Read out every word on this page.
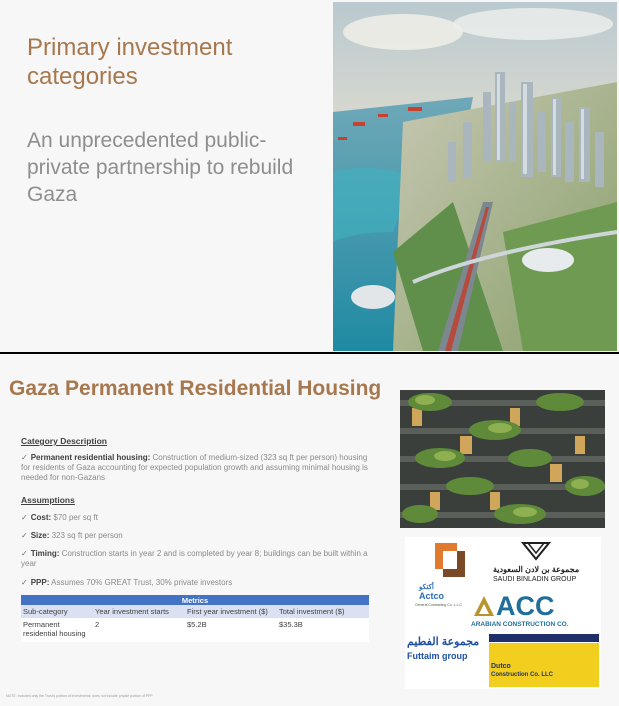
Primary investment categories
An unprecedented public-private partnership to rebuild Gaza
Gaza Permanent Residential Housing
Category Description
✓ Permanent residential housing: Construction of medium-sized (323 sq ft per person) housing for residents of Gaza accounting for expected population growth and assuming minimal housing is needed for non-Gazans
Assumptions
✓ Cost: $70 per sq ft
✓ Size: 323 sq ft per person
✓ Timing: Construction starts in year 2 and is completed by year 8; buildings can be built within a year
✓ PPP: Assumes 70% GREAT Trust, 30% private investors
Metrics			
Sub-category	Year investment starts	First year investment ($)	Total investment ($)
Permanent residential housing	2	$5.2B	$35.3B
NOTE: Includes only the Trust's portion of investments; does not include private portion of PPP
مجموعة بن لادن السعودية
SAUDI BINLADIN GROUP
أكتكو
Actco
General Contracting Co. L.L.C ACC
ARABIAN CONSTRUCTION CO.
مجموعة الفطيم
Futtaim group
Dutco
Construction Co. LLC
